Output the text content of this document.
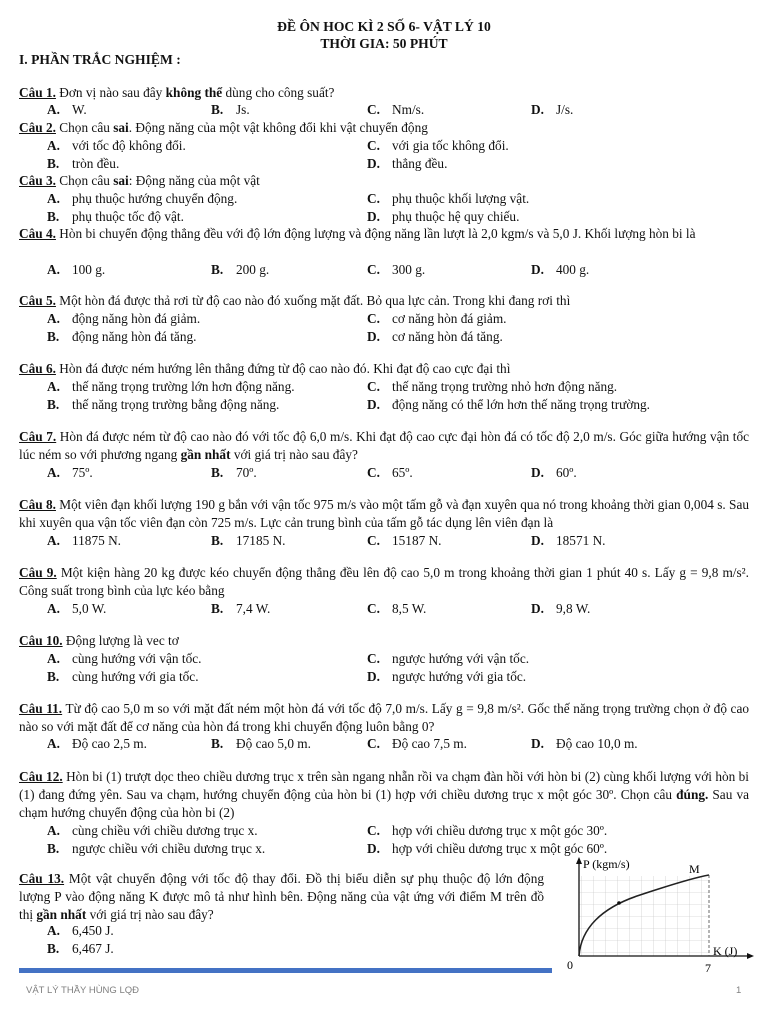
ĐỀ ÔN HOC KÌ 2 SỐ 6- VẬT LÝ 10
THỜI GIA: 50 PHÚT
I. PHẦN TRẮC NGHIỆM :
Câu 1. Đơn vị nào sau đây không thể dùng cho công suất?
A. W.	B. Js.	C. Nm/s.	D. J/s.
Câu 2. Chọn câu sai. Động năng của một vật không đổi khi vật chuyển động
A. với tốc độ không đổi.	C. với gia tốc không đổi.
B. tròn đều.	D. thẳng đều.
Câu 3. Chọn câu sai: Động năng của một vật
A. phụ thuộc hướng chuyển động.	C. phụ thuộc khối lượng vật.
B. phụ thuộc tốc độ vật.	D. phụ thuộc hệ quy chiếu.
Câu 4. Hòn bi chuyển động thẳng đều với độ lớn động lượng và động năng lần lượt là 2,0 kgm/s và 5,0 J. Khối lượng hòn bi là
A. 100 g.	B. 200 g.	C. 300 g.	D. 400 g.
Câu 5. Một hòn đá được thả rơi từ độ cao nào đó xuống mặt đất. Bỏ qua lực cản. Trong khi đang rơi thì
A. động năng hòn đá giảm.	C. cơ năng hòn đá giảm.
B. động năng hòn đá tăng.	D. cơ năng hòn đá tăng.
Câu 6. Hòn đá được ném hướng lên thẳng đứng từ độ cao nào đó. Khi đạt độ cao cực đại thì
A. thế năng trọng trường lớn hơn động năng.	C. thế năng trọng trường nhỏ hơn động năng.
B. thế năng trọng trường bằng động năng.	D. động năng có thể lớn hơn thế năng trọng trường.
Câu 7. Hòn đá được ném từ độ cao nào đó với tốc độ 6,0 m/s. Khi đạt độ cao cực đại hòn đá có tốc độ 2,0 m/s. Góc giữa hướng vận tốc lúc ném so với phương ngang gần nhất với giá trị nào sau đây?
A. 75º.	B. 70º.	C. 65º.	D. 60º.
Câu 8. Một viên đạn khối lượng 190 g bắn với vận tốc 975 m/s vào một tấm gỗ và đạn xuyên qua nó trong khoảng thời gian 0,004 s. Sau khi xuyên qua vận tốc viên đạn còn 725 m/s. Lực cản trung bình của tấm gỗ tác dụng lên viên đạn là
A. 11875 N.	B. 17185 N.	C. 15187 N.	D. 18571 N.
Câu 9. Một kiện hàng 20 kg được kéo chuyển động thẳng đều lên độ cao 5,0 m trong khoảng thời gian 1 phút 40 s. Lấy g = 9,8 m/s². Công suất trong bình của lực kéo bằng
A. 5,0 W.	B. 7,4 W.	C. 8,5 W.	D. 9,8 W.
Câu 10. Động lượng là vec tơ
A. cùng hướng với vận tốc.	C. ngược hướng với vận tốc.
B. cùng hướng với gia tốc.	D. ngược hướng với gia tốc.
Câu 11. Từ độ cao 5,0 m so với mặt đất ném một hòn đá với tốc độ 7,0 m/s. Lấy g = 9,8 m/s². Gốc thế năng trọng trường chọn ở độ cao nào so với mặt đất để cơ năng của hòn đá trong khi chuyển động luôn bằng 0?
A. Độ cao 2,5 m.	B. Độ cao 5,0 m.	C. Độ cao 7,5 m.	D. Độ cao 10,0 m.
Câu 12. Hòn bi (1) trượt dọc theo chiều dương trục x trên sàn ngang nhẵn rồi va chạm đàn hồi với hòn bi (2) cùng khối lượng với hòn bi (1) đang đứng yên. Sau va chạm, hướng chuyển động của hòn bi (1) hợp với chiều dương trục x một góc 30º. Chọn câu đúng. Sau va chạm hướng chuyển động của hòn bi (2)
A. cùng chiều với chiều dương trục x.	C. hợp với chiều dương trục x một góc 30º.
B. ngược chiều với chiều dương trục x.	D. hợp với chiều dương trục x một góc 60º.
Câu 13. Một vật chuyển động với tốc độ thay đổi. Đồ thị biểu diễn sự phụ thuộc độ lớn động lượng P vào động năng K được mô tả như hình bên. Động năng của vật ứng với điểm M trên đồ thị gần nhất với giá trị nào sau đây?
A. 6,450 J.
B. 6,467 J.
P (kgm/s)
K (J)
0	7
M
VẬT LÝ THẦY HÙNG LQĐ	1
